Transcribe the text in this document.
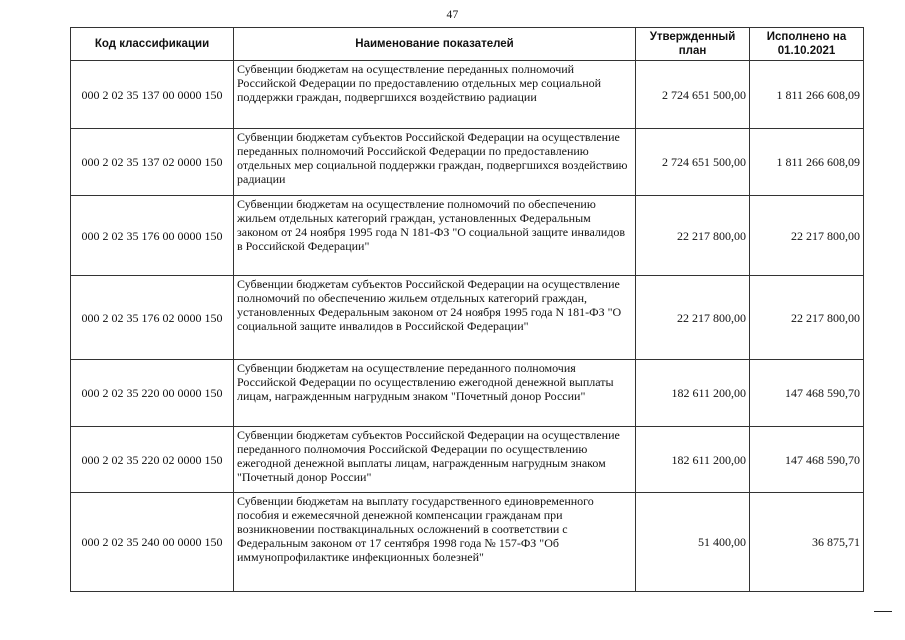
47
Код классификации	Наименование показателей	Утвержденный план	Исполнено на 01.10.2021
000 2 02 35 137 00 0000 150	Субвенции бюджетам на осуществление переданных полномочий Российской Федерации по предоставлению отдельных мер социальной поддержки граждан, подвергшихся воздействию радиации	2 724 651 500,00	1 811 266 608,09
000 2 02 35 137 02 0000 150	Субвенции бюджетам субъектов Российской Федерации на осуществление переданных полномочий Российской Федерации по предоставлению отдельных мер социальной поддержки граждан, подвергшихся воздействию радиации	2 724 651 500,00	1 811 266 608,09
000 2 02 35 176 00 0000 150	Субвенции бюджетам на осуществление полномочий по обеспечению жильем отдельных категорий граждан, установленных Федеральным законом от 24 ноября 1995 года N 181-ФЗ "О социальной защите инвалидов в Российской Федерации"	22 217 800,00	22 217 800,00
000 2 02 35 176 02 0000 150	Субвенции бюджетам субъектов Российской Федерации на осуществление полномочий по обеспечению жильем отдельных категорий граждан, установленных Федеральным законом от 24 ноября 1995 года N 181-ФЗ "О социальной защите инвалидов в Российской Федерации"	22 217 800,00	22 217 800,00
000 2 02 35 220 00 0000 150	Субвенции бюджетам на осуществление переданного полномочия Российской Федерации по осуществлению ежегодной денежной выплаты лицам, награжденным нагрудным знаком "Почетный донор России"	182 611 200,00	147 468 590,70
000 2 02 35 220 02 0000 150	Субвенции бюджетам субъектов Российской Федерации на осуществление переданного полномочия Российской Федерации по осуществлению ежегодной денежной выплаты лицам, награжденным нагрудным знаком "Почетный донор России"	182 611 200,00	147 468 590,70
000 2 02 35 240 00 0000 150	Субвенции бюджетам на выплату государственного единовременного пособия и ежемесячной денежной компенсации гражданам при возникновении поствакцинальных осложнений в соответствии с Федеральным законом от 17 сентября 1998 года № 157-ФЗ "Об иммунопрофилактике инфекционных болезней"	51 400,00	36 875,71
